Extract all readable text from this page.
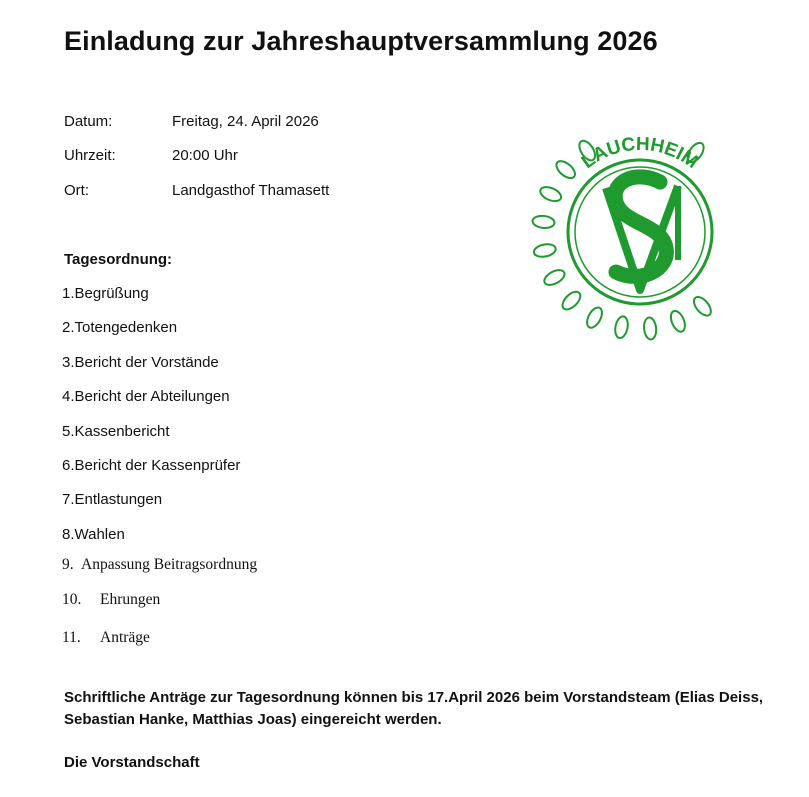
Einladung zur Jahreshauptversammlung 2026
Datum:	Freitag, 24. April 2026
Uhrzeit:	20:00 Uhr
Ort:	Landgasthof Thamasett
Tagesordnung:
1.Begrüßung
2.Totengedenken
3.Bericht der Vorstände
4.Bericht der Abteilungen
5.Kassenbericht
6.Bericht der Kassenprüfer
7.Entlastungen
8.Wahlen
9. Anpassung Beitragsordnung
10. Ehrungen
11. Anträge
Schriftliche Anträge zur Tagesordnung können bis 17.April 2026 beim Vorstandsteam (Elias Deiss, Sebastian Hanke, Matthias Joas) eingereicht werden.
Die Vorstandschaft
LAUCHHEIM
